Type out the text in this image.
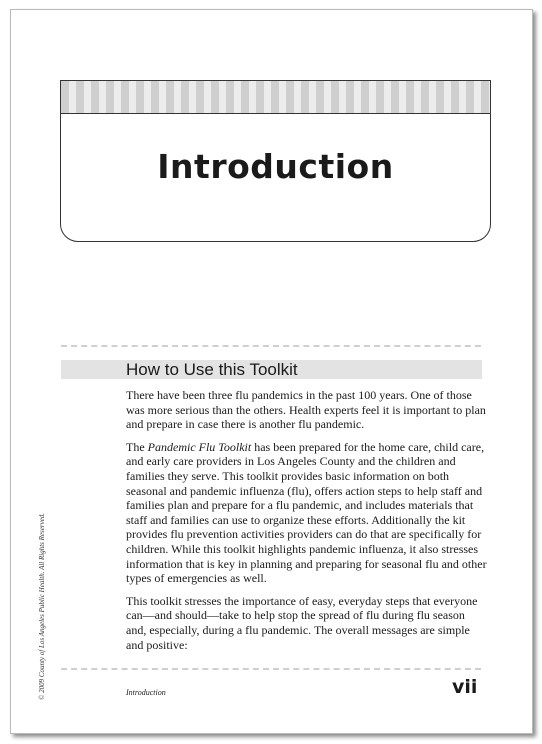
Introduction
How to Use this Toolkit

There have been three flu pandemics in the past 100 years. One of those was more serious than the others. Health experts feel it is important to plan and prepare in case there is another flu pandemic.

The Pandemic Flu Toolkit has been prepared for the home care, child care, and early care providers in Los Angeles County and the children and families they serve. This toolkit provides basic information on both seasonal and pandemic influenza (flu), offers action steps to help staff and families plan and prepare for a flu pandemic, and includes materials that staff and families can use to organize these efforts. Additionally the kit provides flu prevention activities providers can do that are specifically for children. While this toolkit highlights pandemic influenza, it also stresses information that is key in planning and preparing for seasonal flu and other types of emergencies as well.

This toolkit stresses the importance of easy, everyday steps that everyone can—and should—take to help stop the spread of flu during flu season and, especially, during a flu pandemic. The overall messages are simple and positive:

© 2009 County of Los Angeles Public Health. All Rights Reserved.	Introduction	vii
